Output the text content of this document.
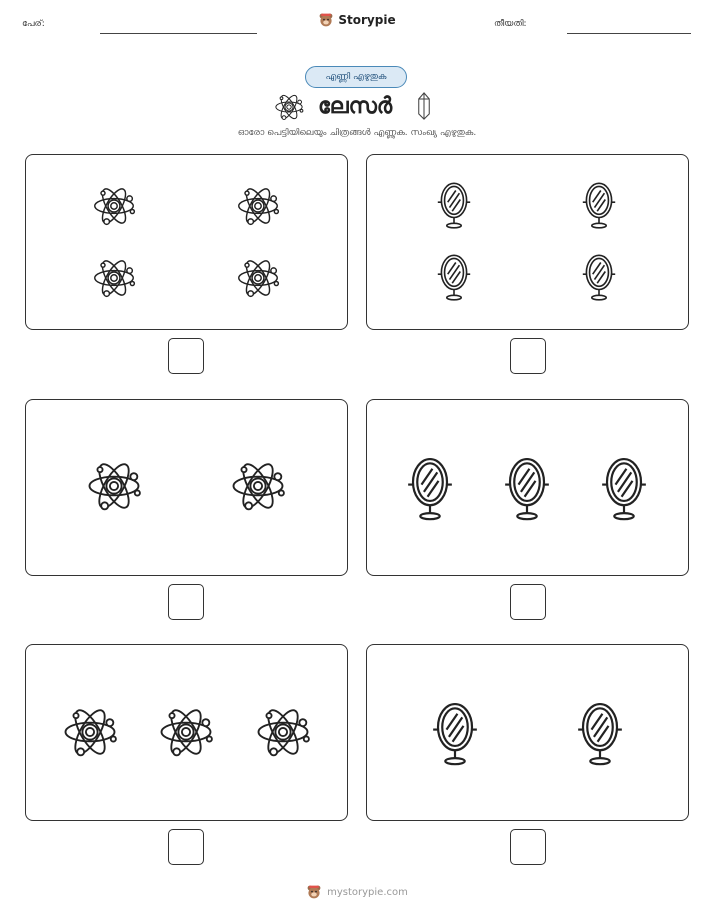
പേര്:	Storypie	തീയതി:
എണ്ണി എഴുതുക
ലേസർ
ഓരോ പെട്ടിയിലെയും ചിത്രങ്ങൾ എണ്ണുക. സംഖ്യ എഴുതുക.
mystorypie.com
